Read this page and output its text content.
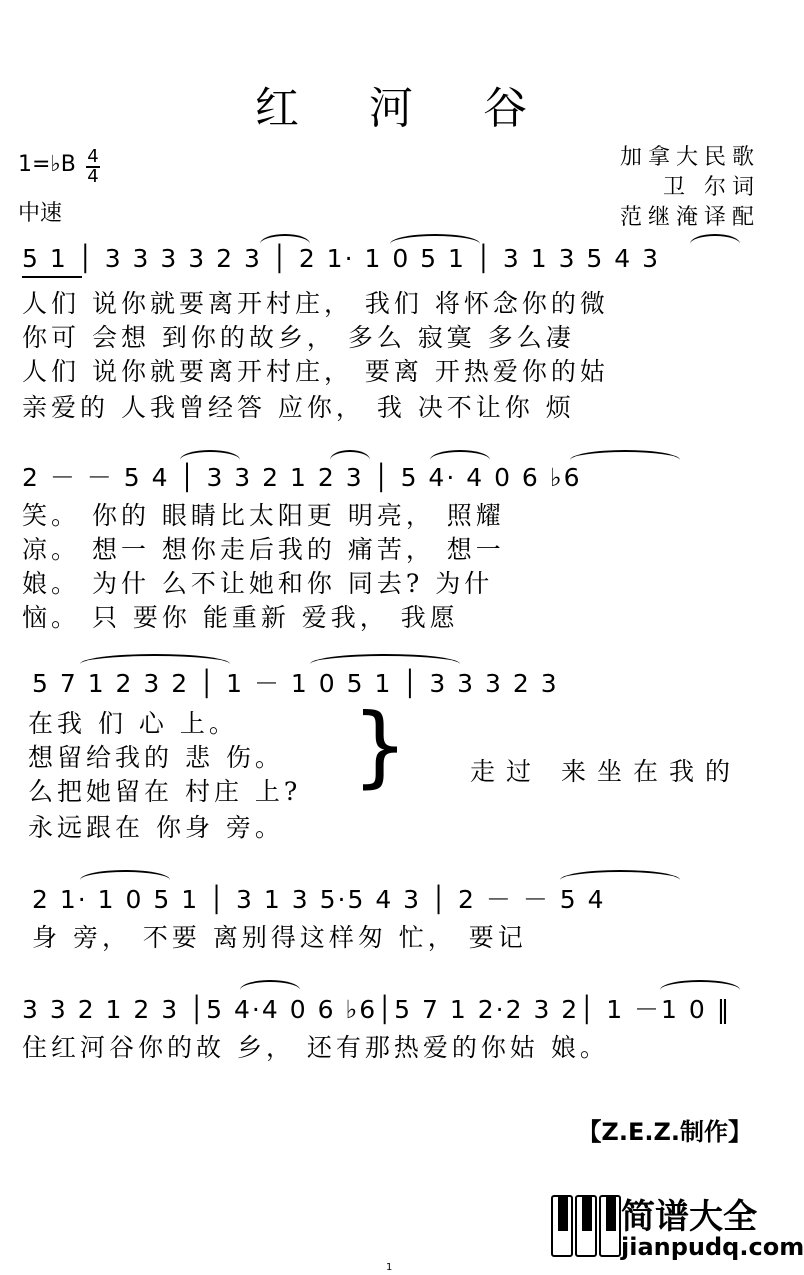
红 河 谷
1=♭B 4
4
中速
加拿大民歌
卫 尔词
范继淹译配
5 1 │ 3 3 3 3 2 3 │ 2 1· 1 0 5 1 │ 3 1 3 5 4 3
人们 说你就要离开村庄， 我们 将怀念你的微
你可 会想 到你的故乡， 多么 寂寞 多么凄
人们 说你就要离开村庄， 要离 开热爱你的姑
亲爱的 人我曾经答 应你， 我 决不让你 烦
2 － － 5 4 │ 3 3 2 1 2 3 │ 5 4· 4 0 6 ♭6
笑。 你的 眼睛比太阳更 明亮， 照耀
凉。 想一 想你走后我的 痛苦， 想一
娘。 为什 么不让她和你 同去? 为什
恼。 只 要你 能重新 爱我， 我愿
5 7 1 2 3 2 │ 1 － 1 0 5 1 │ 3 3 3 2 3
在我 们 心 上。
想留给我的 悲 伤。
么把她留在 村庄 上?
永远跟在 你身 旁。
} 走过 来坐在我的
2 1· 1 0 5 1 │ 3 1 3 5·5 4 3 │ 2 － － 5 4
身 旁， 不要 离别得这样匆 忙， 要记
3 3 2 1 2 3 │5 4·4 0 6 ♭6│5 7 1 2·2 3 2│ 1 －1 0 ‖
住红河谷你的故 乡， 还有那热爱的你姑 娘。
【Z.E.Z.制作】
简谱大全
jianpudq.com
1
